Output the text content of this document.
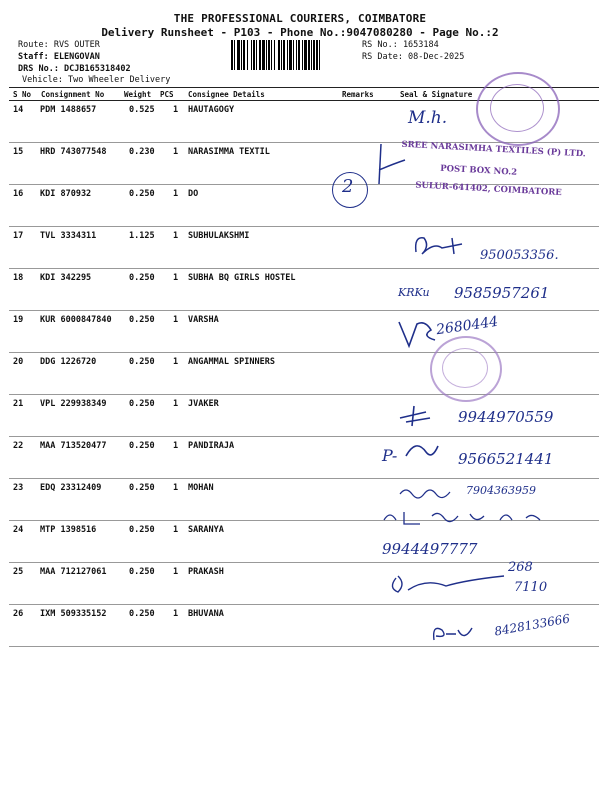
THE PROFESSIONAL COURIERS, COIMBATORE
Delivery Runsheet - P103 - Phone No.:9047080280 - Page No.:2
Route: RVS OUTER
Staff: ELENGOVAN
DRS No.: DCJB165318402
Vehicle: Two Wheeler Delivery
RS No.: 1653184
RS Date: 08-Dec-2025
S No Consignment No	Weight PCS Consignee Details	Remarks	Seal & Signature
14 PDM 1488657	0.525 1 HAUTAGOGY
15 HRD 743077548	0.230 1 NARASIMMA TEXTIL
16 KDI 870932	0.250 1 DO
17 TVL 3334311	1.125 1 SUBHULAKSHMI
18 KDI 342295	0.250 1 SUBHA BQ GIRLS HOSTEL
19 KUR 6000847840 0.250 1 VARSHA
20 DDG 1226720	0.250 1 ANGAMMAL SPINNERS
21 VPL 229938349	0.250 1 JVAKER
22 MAA 713520477	0.250 1 PANDIRAJA
23 EDQ 23312409	0.250 1 MOHAN
24 MTP 1398516	0.250 1 SARANYA
25 MAA 712127061	0.250 1 PRAKASH
26 IXM 509335152	0.250 1 BHUVANA
M.h.
SREE NARASIMHA TEXTILES (P) LTD.
POST BOX NO.2
SULUR-641402, COIMBATORE
2
950053356.
KRKu 9585957261
2680444
9944970559
P-	9566521441
7904363959
9944497777
268
7110
8428133666
